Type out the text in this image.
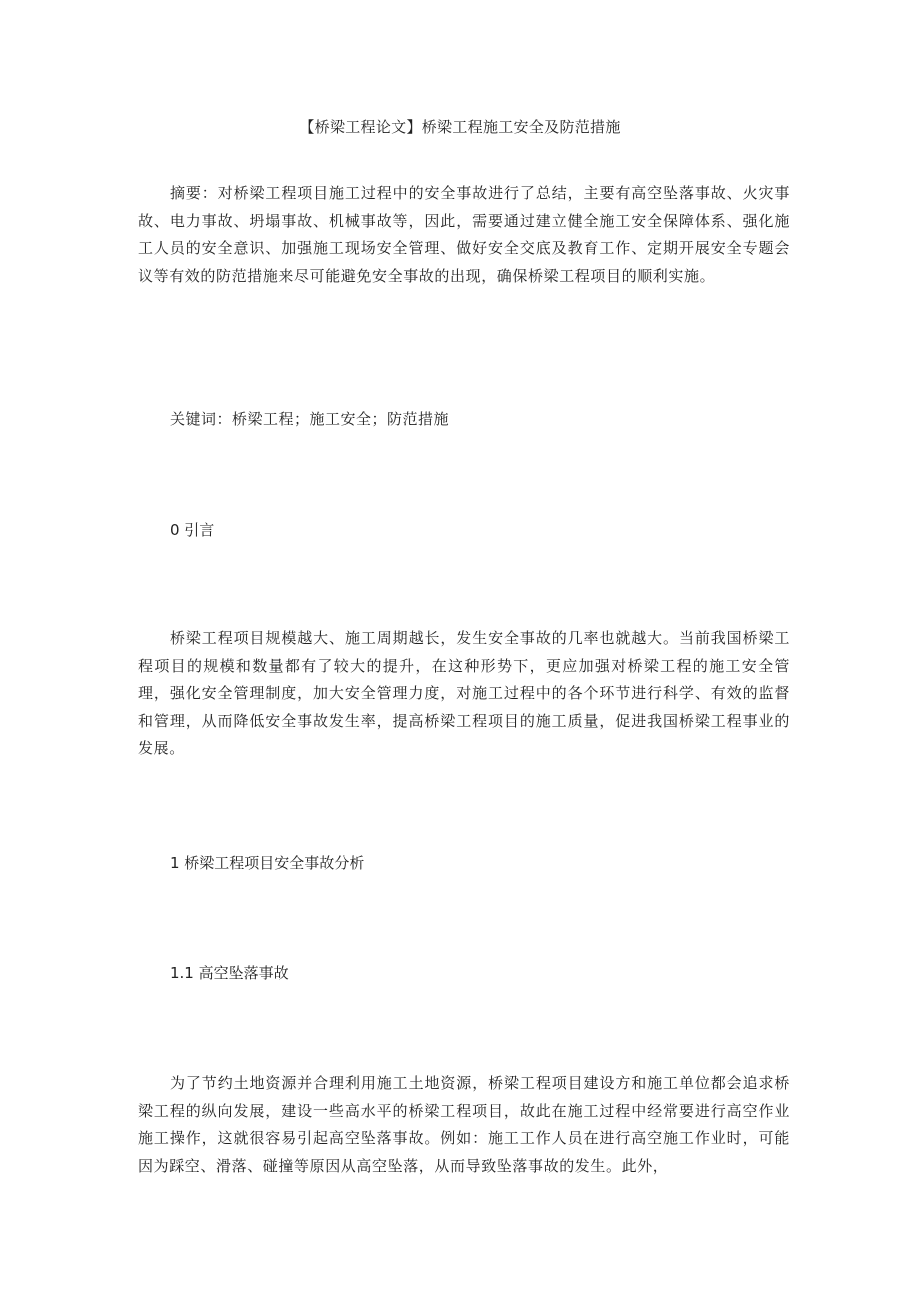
【桥梁工程论文】桥梁工程施工安全及防范措施

摘要：对桥梁工程项目施工过程中的安全事故进行了总结，主要有高空坠落事故、火灾事故、电力事故、坍塌事故、机械事故等，因此，需要通过建立健全施工安全保障体系、强化施工人员的安全意识、加强施工现场安全管理、做好安全交底及教育工作、定期开展安全专题会议等有效的防范措施来尽可能避免安全事故的出现，确保桥梁工程项目的顺利实施。

关键词：桥梁工程；施工安全；防范措施
0 引言

桥梁工程项目规模越大、施工周期越长，发生安全事故的几率也就越大。当前我国桥梁工程项目的规模和数量都有了较大的提升，在这种形势下，更应加强对桥梁工程的施工安全管理，强化安全管理制度，加大安全管理力度，对施工过程中的各个环节进行科学、有效的监督和管理，从而降低安全事故发生率，提高桥梁工程项目的施工质量，促进我国桥梁工程事业的发展。

1 桥梁工程项目安全事故分析
1.1 高空坠落事故

为了节约土地资源并合理利用施工土地资源，桥梁工程项目建设方和施工单位都会追求桥梁工程的纵向发展，建设一些高水平的桥梁工程项目，故此在施工过程中经常要进行高空作业施工操作，这就很容易引起高空坠落事故。例如：施工工作人员在进行高空施工作业时，可能因为踩空、滑落、碰撞等原因从高空坠落，从而导致坠落事故的发生。此外，
